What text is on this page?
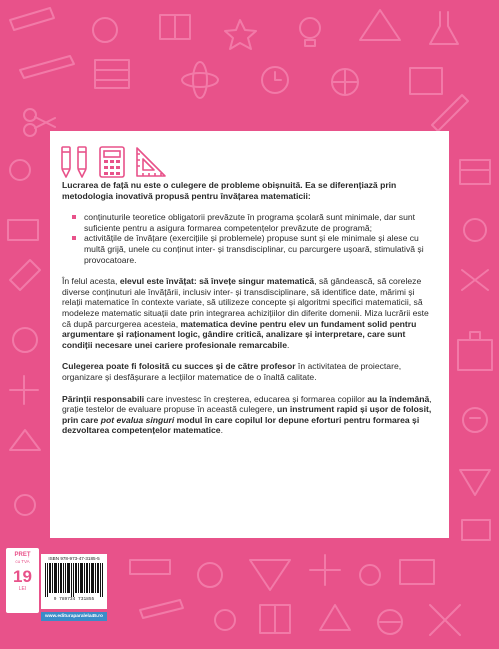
Lucrarea de față nu este o culegere de probleme obișnuită. Ea se diferențiază prin metodologia inovativă propusă pentru învățarea matematicii:

conținuturile teoretice obligatorii prevăzute în programa școlară sunt minimale, dar sunt suficiente pentru a asigura formarea competențelor prevăzute de programă;
activitățile de învățare (exercițiile și problemele) propuse sunt și ele minimale și alese cu multă grijă, unele cu conținut inter- și transdisciplinar, cu parcurgere ușoară, stimulativă și provocatoare.

În felul acesta, elevul este învățat: să învețe singur matematică, să gândească, să coreleze diverse conținuturi ale învățării, inclusiv inter- și transdisciplinare, să identifice date, mărimi și relații matematice în contexte variate, să utilizeze concepte și algoritmi specifici matematicii, să modeleze matematic situații date prin integrarea achizițiilor din diferite domenii. Miza lucrării este că după parcurgerea acesteia, matematica devine pentru elev un fundament solid pentru argumentare și raționament logic, gândire critică, analizare și interpretare, care sunt condiții necesare unei cariere profesionale remarcabile.

Culegerea poate fi folosită cu succes și de către profesor în activitatea de proiectare, organizare și desfășurare a lecțiilor matematice de o înaltă calitate.

Părinții responsabili care investesc în creșterea, educarea și formarea copiilor au la îndemână, grație testelor de evaluare propuse în această culegere, un instrument rapid și ușor de folosit, prin care pot evalua singuri modul în care copilul lor depune eforturi pentru formarea și dezvoltarea competențelor matematice.

PREȚ
cu TVA
19
LEI
ISBN 978-973-47-3185-5
9 789734 731855
www.edituraparalela45.ro
